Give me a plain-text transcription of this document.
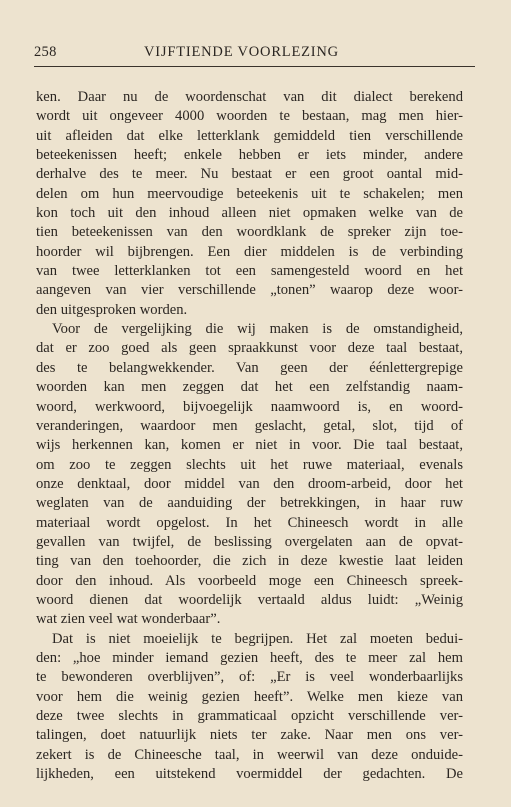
258	VIJFTIENDE VOORLEZING
ken. Daar nu de woordenschat van dit dialect berekend
wordt uit ongeveer 4000 woorden te bestaan, mag men hier-
uit afleiden dat elke letterklank gemiddeld tien verschillende
beteekenissen heeft; enkele hebben er iets minder, andere
derhalve des te meer. Nu bestaat er een groot oantal mid-
delen om hun meervoudige beteekenis uit te schakelen; men
kon toch uit den inhoud alleen niet opmaken welke van de
tien beteekenissen van den woordklank de spreker zijn toe-
hoorder wil bijbrengen. Een dier middelen is de verbinding
van twee letterklanken tot een samengesteld woord en het
aangeven van vier verschillende „tonen” waarop deze woor-
den uitgesproken worden.
Voor de vergelijking die wij maken is de omstandigheid,
dat er zoo goed als geen spraakkunst voor deze taal bestaat,
des te belangwekkender. Van geen der éénlettergrepige
woorden kan men zeggen dat het een zelfstandig naam-
woord, werkwoord, bijvoegelijk naamwoord is, en woord-
veranderingen, waardoor men geslacht, getal, slot, tijd of
wijs herkennen kan, komen er niet in voor. Die taal bestaat,
om zoo te zeggen slechts uit het ruwe materiaal, evenals
onze denktaal, door middel van den droom-arbeid, door het
weglaten van de aanduiding der betrekkingen, in haar ruw
materiaal wordt opgelost. In het Chineesch wordt in alle
gevallen van twijfel, de beslissing overgelaten aan de opvat-
ting van den toehoorder, die zich in deze kwestie laat leiden
door den inhoud. Als voorbeeld moge een Chineesch spreek-
woord dienen dat woordelijk vertaald aldus luidt: „Weinig
wat zien veel wat wonderbaar”.
Dat is niet moeielijk te begrijpen. Het zal moeten bedui-
den: „hoe minder iemand gezien heeft, des te meer zal hem
te bewonderen overblijven”, of: „Er is veel wonderbaarlijks
voor hem die weinig gezien heeft”. Welke men kieze van
deze twee slechts in grammaticaal opzicht verschillende ver-
talingen, doet natuurlijk niets ter zake. Naar men ons ver-
zekert is de Chineesche taal, in weerwil van deze onduide-
lijkheden, een uitstekend voermiddel der gedachten. De
